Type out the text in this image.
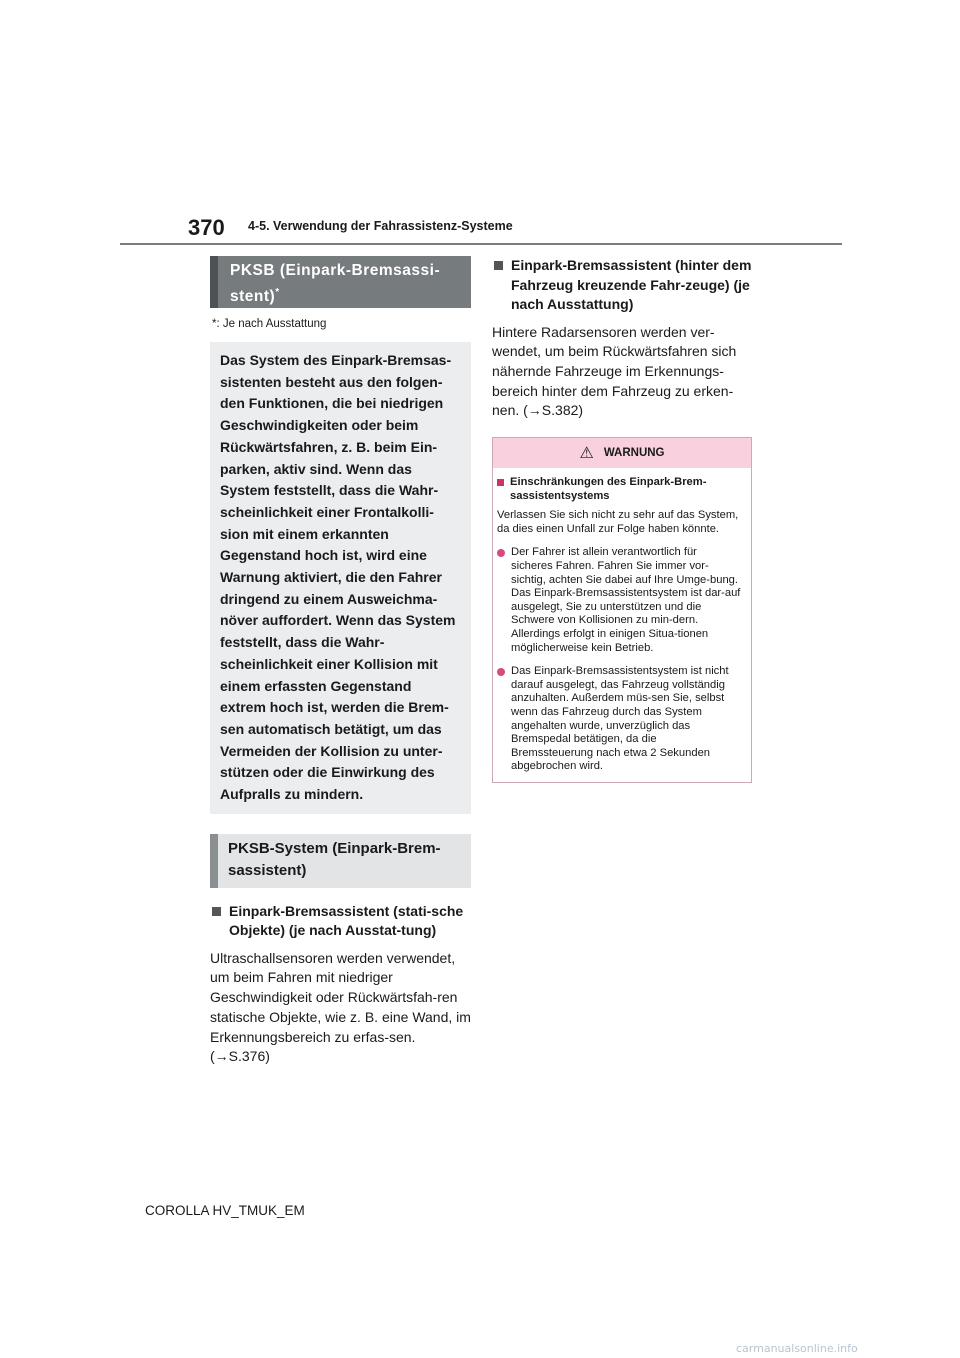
370 4-5. Verwendung der Fahrassistenz-Systeme
PKSB (Einpark-Bremsassi-stent)*
*: Je nach Ausstattung
Das System des Einpark-Bremsas-sistenten besteht aus den folgen-den Funktionen, die bei niedrigen Geschwindigkeiten oder beim Rückwärtsfahren, z. B. beim Ein-parken, aktiv sind. Wenn das System feststellt, dass die Wahr-scheinlichkeit einer Frontalkolli-sion mit einem erkannten Gegenstand hoch ist, wird eine Warnung aktiviert, die den Fahrer dringend zu einem Ausweichma-növer auffordert. Wenn das System feststellt, dass die Wahr-scheinlichkeit einer Kollision mit einem erfassten Gegenstand extrem hoch ist, werden die Brem-sen automatisch betätigt, um das Vermeiden der Kollision zu unter-stützen oder die Einwirkung des Aufpralls zu mindern.
PKSB-System (Einpark-Brem-sassistent)
Einpark-Bremsassistent (stati-sche Objekte) (je nach Ausstat-tung)
Ultraschallsensoren werden verwendet, um beim Fahren mit niedriger Geschwindigkeit oder Rückwärtsfah-ren statische Objekte, wie z. B. eine Wand, im Erkennungsbereich zu erfas-sen. (→S.376)
Einpark-Bremsassistent (hinter dem Fahrzeug kreuzende Fahr-zeuge) (je nach Ausstattung)
Hintere Radarsensoren werden ver-wendet, um beim Rückwärtsfahren sich nähernde Fahrzeuge im Erkennungs-bereich hinter dem Fahrzeug zu erken-nen. (→S.382)
⚠ WARNUNG
Einschränkungen des Einpark-Brem-sassistentsystems
Verlassen Sie sich nicht zu sehr auf das System, da dies einen Unfall zur Folge haben könnte.
Der Fahrer ist allein verantwortlich für sicheres Fahren. Fahren Sie immer vor-sichtig, achten Sie dabei auf Ihre Umge-bung. Das Einpark-Bremsassistentsystem ist dar-auf ausgelegt, Sie zu unterstützen und die Schwere von Kollisionen zu min-dern. Allerdings erfolgt in einigen Situa-tionen möglicherweise kein Betrieb.
Das Einpark-Bremsassistentsystem ist nicht darauf ausgelegt, das Fahrzeug vollständig anzuhalten. Außerdem müs-sen Sie, selbst wenn das Fahrzeug durch das System angehalten wurde, unverzüglich das Bremspedal betätigen, da die Bremssteuerung nach etwa 2 Sekunden abgebrochen wird.
COROLLA HV_TMUK_EM
carmanualsonline.info
